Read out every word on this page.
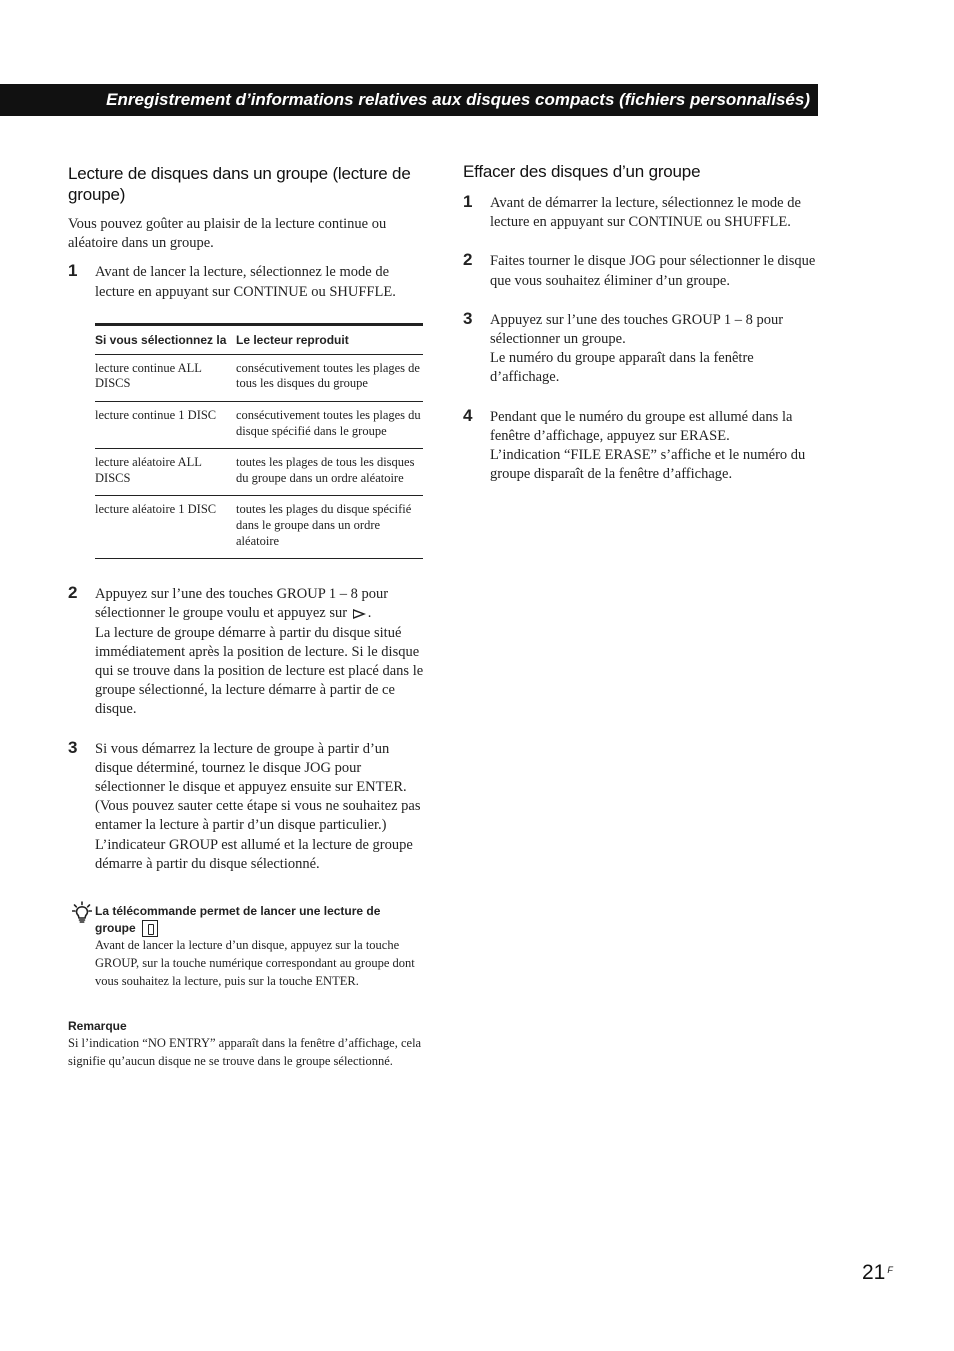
Enregistrement d’informations relatives aux disques compacts (fichiers personnalisés)
Lecture de disques dans un groupe (lecture de groupe)

Vous pouvez goûter au plaisir de la lecture continue ou aléatoire dans un groupe.

1 Avant de lancer la lecture, sélectionnez le mode de lecture en appuyant sur CONTINUE ou SHUFFLE.

Si vous sélectionnez la	Le lecteur reproduit
lecture continue ALL DISCS	consécutivement toutes les plages de tous les disques du groupe
lecture continue 1 DISC	consécutivement toutes les plages du disque spécifié dans le groupe
lecture aléatoire ALL DISCS	toutes les plages de tous les disques du groupe dans un ordre aléatoire
lecture aléatoire 1 DISC	toutes les plages du disque spécifié dans le groupe dans un ordre aléatoire
2 Appuyez sur l’une des touches GROUP 1 – 8 pour sélectionner le groupe voulu et appuyez sur .

La lecture de groupe démarre à partir du disque situé immédiatement après la position de lecture. Si le disque qui se trouve dans la position de lecture est placé dans le groupe sélectionné, la lecture démarre à partir de ce disque.

3 Si vous démarrez la lecture de groupe à partir d’un disque déterminé, tournez le disque JOG pour sélectionner le disque et appuyez ensuite sur ENTER. (Vous pouvez sauter cette étape si vous ne souhaitez pas entamer la lecture à partir d’un disque particulier.)

L’indicateur GROUP est allumé et la lecture de groupe démarre à partir du disque sélectionné.

La télécommande permet de lancer une lecture de groupe

Avant de lancer la lecture d’un disque, appuyez sur la touche GROUP, sur la touche numérique correspondant au groupe dont vous souhaitez la lecture, puis sur la touche ENTER.

Remarque

Si l’indication “NO ENTRY” apparaît dans la fenêtre d’affichage, cela signifie qu’aucun disque ne se trouve dans le groupe sélectionné.

Effacer des disques d’un groupe
1 Avant de démarrer la lecture, sélectionnez le mode de lecture en appuyant sur CONTINUE ou SHUFFLE.

2 Faites tourner le disque JOG pour sélectionner le disque que vous souhaitez éliminer d’un groupe.

3 Appuyez sur l’une des touches GROUP 1 – 8 pour sélectionner un groupe.

Le numéro du groupe apparaît dans la fenêtre d’affichage.

4 Pendant que le numéro du groupe est allumé dans la fenêtre d’affichage, appuyez sur ERASE.

L’indication “FILE ERASE” s’affiche et le numéro du groupe disparaît de la fenêtre d’affichage.

21 $^F$
